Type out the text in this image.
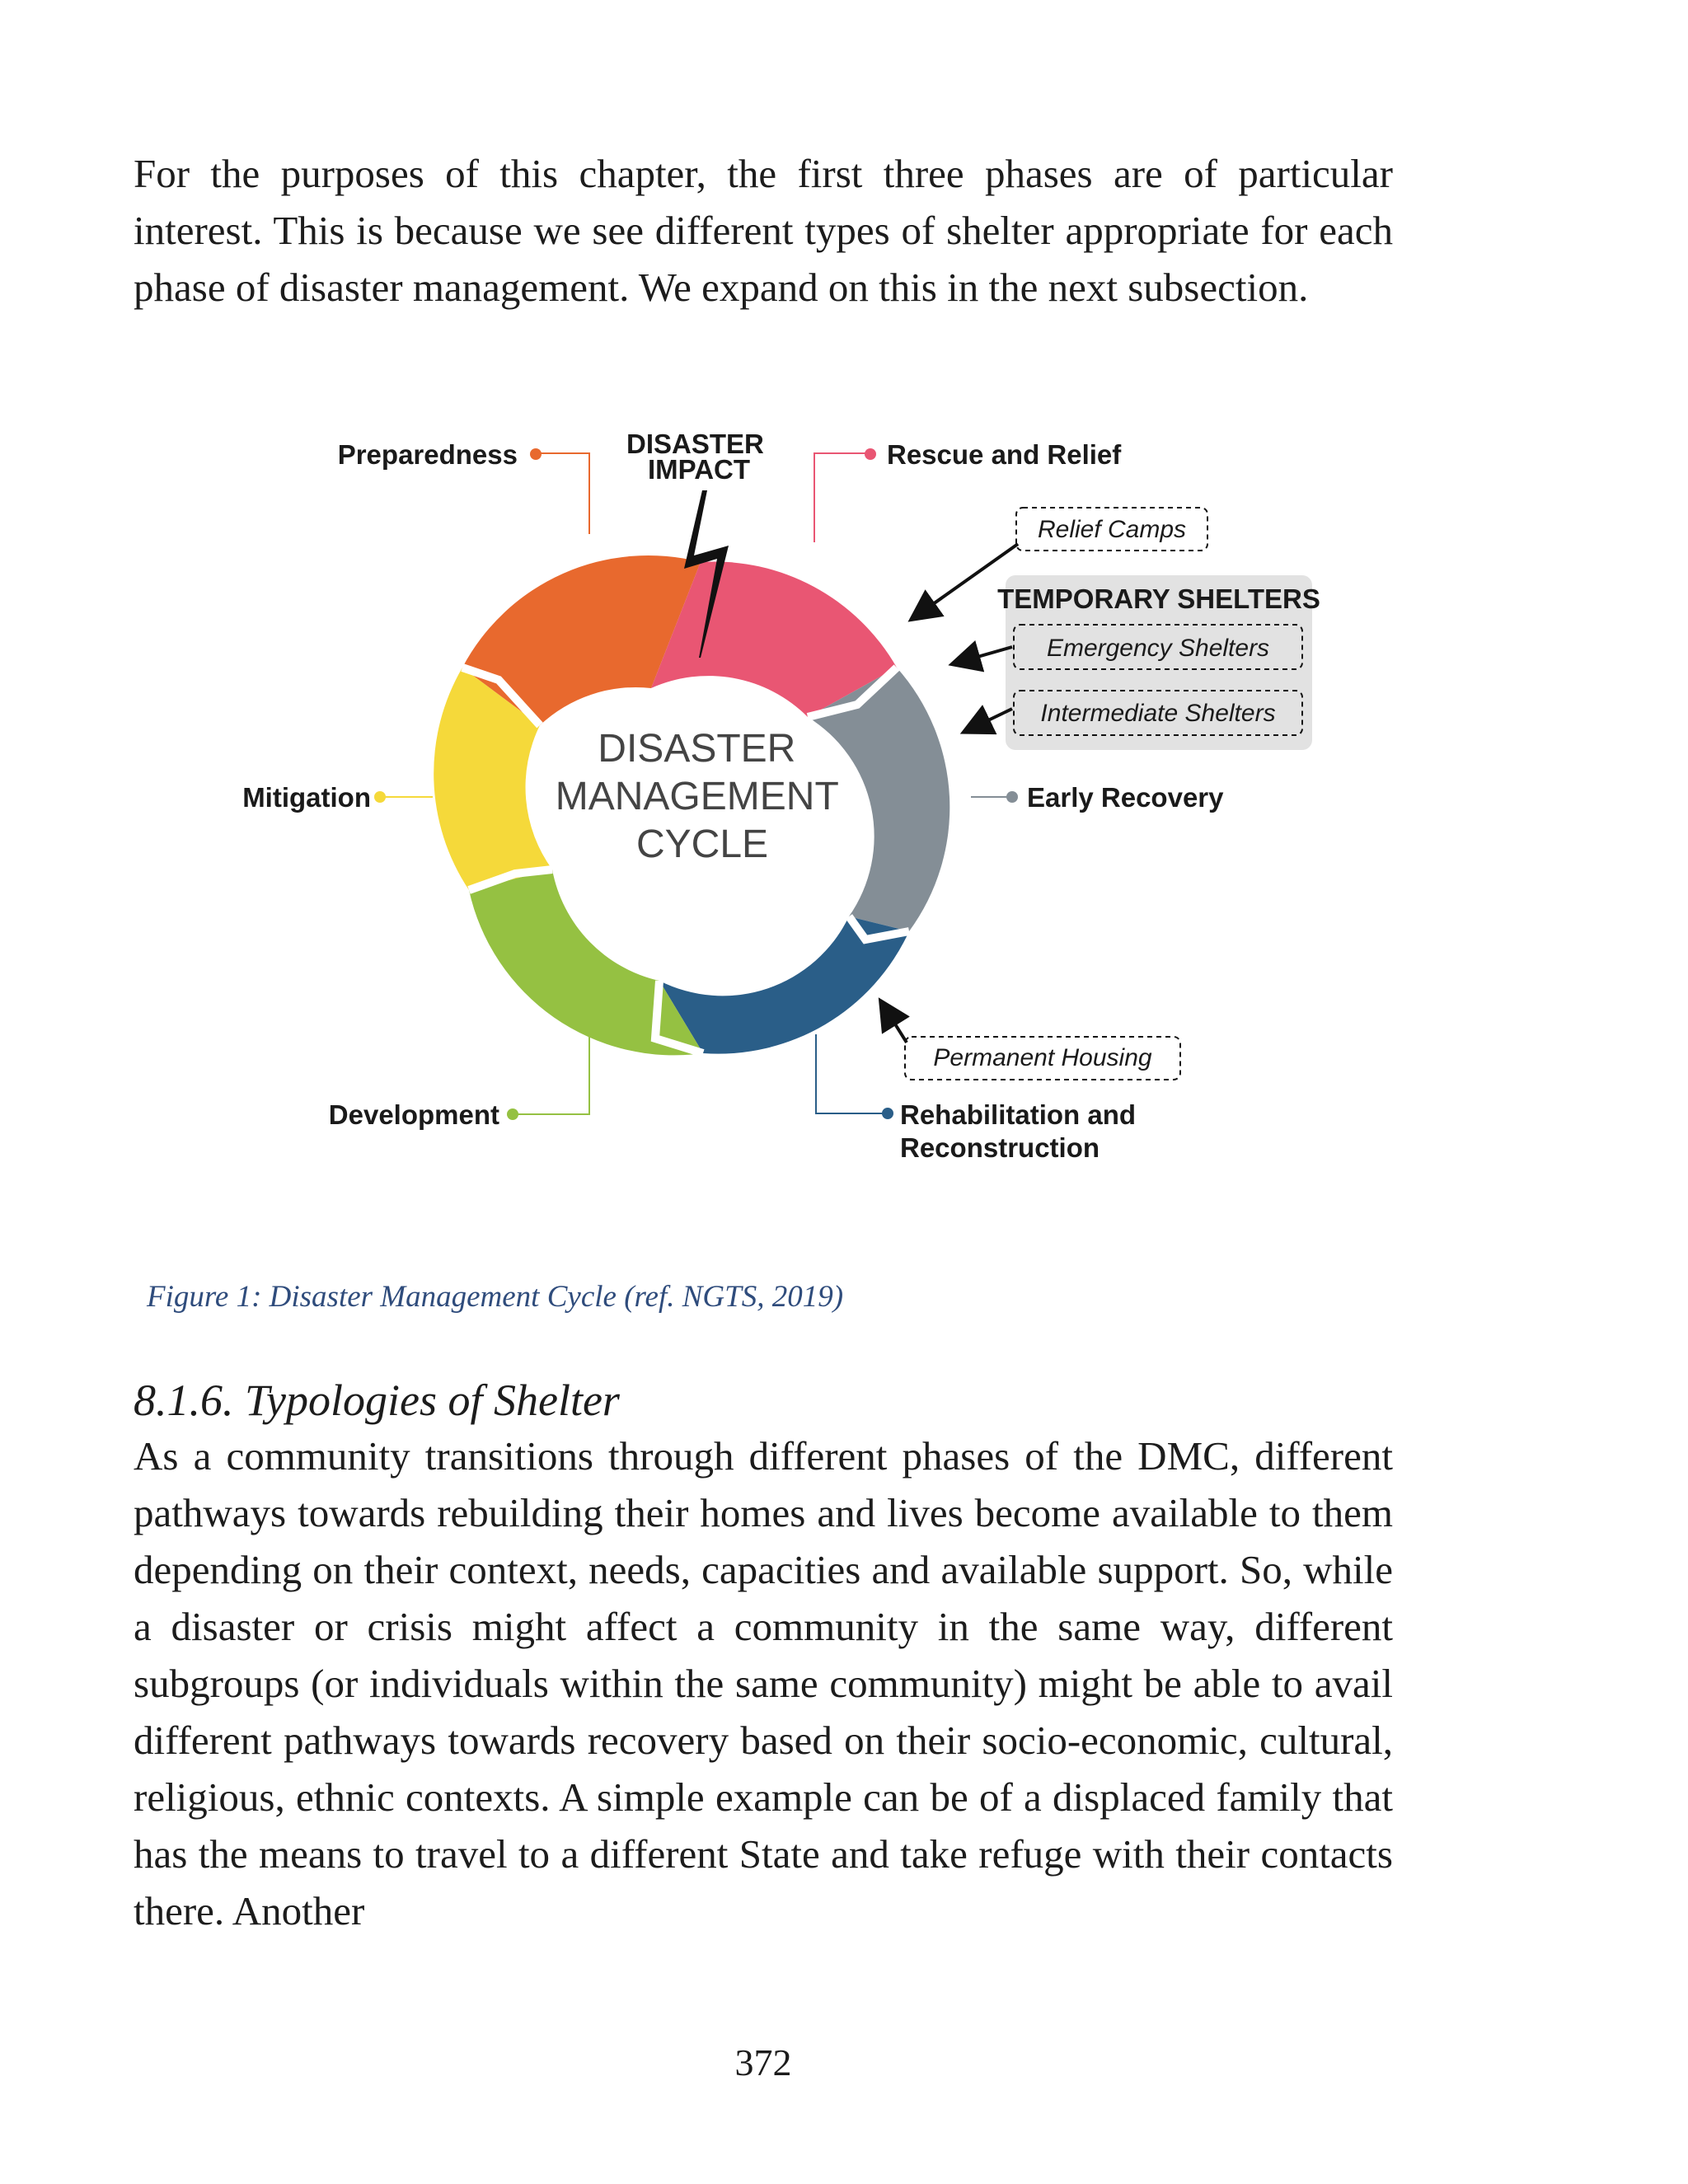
For the purposes of this chapter, the first three phases are of particular interest. This is because we see different types of shelter appropriate for each phase of disaster management. We expand on this in the next subsection.

DISASTER IMPACT
DISASTER MANAGEMENT CYCLE
Preparedness	Rescue and Relief
Mitigation	Early Recovery
Development	Rehabilitation and Reconstruction
Relief Camps
TEMPORARY SHELTERS
Emergency Shelters
Intermediate Shelters
Permanent Housing

Figure 1: Disaster Management Cycle (ref. NGTS, 2019)

8.1.6. Typologies of Shelter

As a community transitions through different phases of the DMC, different pathways towards rebuilding their homes and lives become available to them depending on their context, needs, capacities and available support. So, while a disaster or crisis might affect a community in the same way, different subgroups (or individuals within the same community) might be able to avail different pathways towards recovery based on their socio-economic, cultural, religious, ethnic contexts. A simple example can be of a displaced family that has the means to travel to a different State and take refuge with their contacts there. Another

372
